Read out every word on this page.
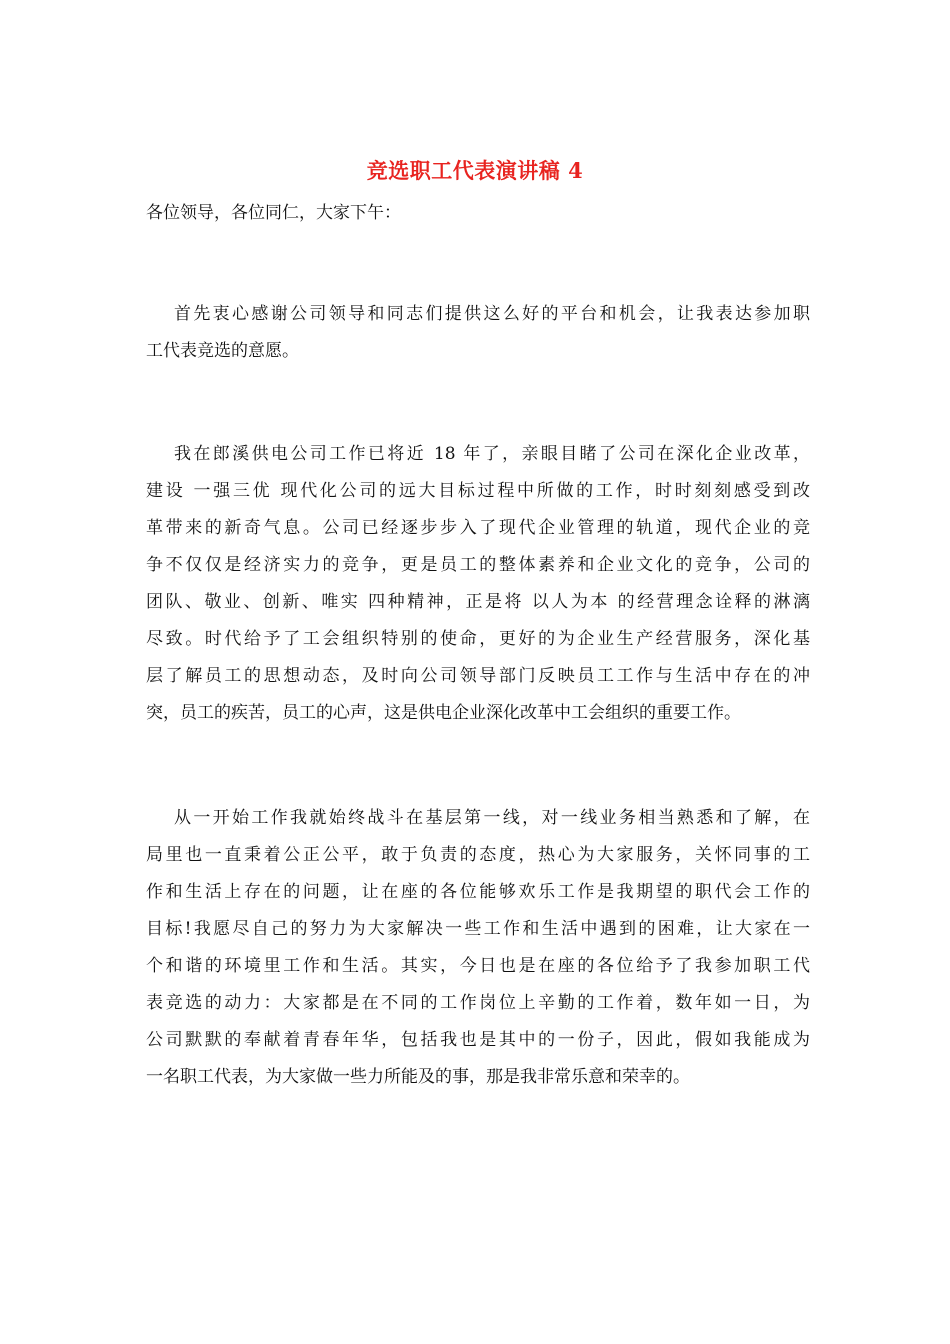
竞选职工代表演讲稿 4
各位领导，各位同仁，大家下午：
首先衷心感谢公司领导和同志们提供这么好的平台和机会，让我表达参加职
工代表竞选的意愿。
我在郎溪供电公司工作已将近 18 年了，亲眼目睹了公司在深化企业改革，
建设 一强三优 现代化公司的远大目标过程中所做的工作，时时刻刻感受到改
革带来的新奇气息。公司已经逐步步入了现代企业管理的轨道，现代企业的竞
争不仅仅是经济实力的竞争，更是员工的整体素养和企业文化的竞争，公司的
团队、敬业、创新、唯实 四种精神，正是将 以人为本 的经营理念诠释的淋漓
尽致。时代给予了工会组织特别的使命，更好的为企业生产经营服务，深化基
层了解员工的思想动态，及时向公司领导部门反映员工工作与生活中存在的冲
突，员工的疾苦，员工的心声，这是供电企业深化改革中工会组织的重要工作。
从一开始工作我就始终战斗在基层第一线，对一线业务相当熟悉和了解，在
局里也一直秉着公正公平，敢于负责的态度，热心为大家服务，关怀同事的工
作和生活上存在的问题，让在座的各位能够欢乐工作是我期望的职代会工作的
目标!我愿尽自己的努力为大家解决一些工作和生活中遇到的困难，让大家在一
个和谐的环境里工作和生活。其实，今日也是在座的各位给予了我参加职工代
表竞选的动力：大家都是在不同的工作岗位上辛勤的工作着，数年如一日，为
公司默默的奉献着青春年华，包括我也是其中的一份子，因此，假如我能成为
一名职工代表，为大家做一些力所能及的事，那是我非常乐意和荣幸的。
